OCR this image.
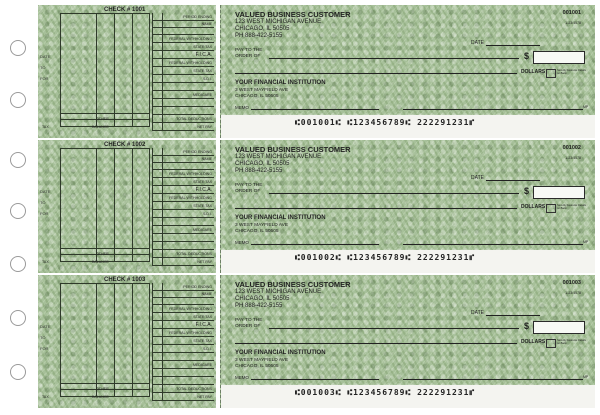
CHECK # 1001
DATE
TO
FOR
TAX
OTHER
BALANCE
PERIOD ENDING
NAME
FEDERAL WITHHOLDING
STATE TAX
F.I.C.A.
FEDERAL WITHHOLDING
STATE TAX
S.D.I.
MEDICARE
TOTAL DEDUCTIONS
NET PAY
VALUED BUSINESS CUSTOMER
123 WEST MICHIGAN AVENUE
CHICAGO, IL 50505
PH 888-422-5155
001001
1-23/4578
DATE
PAY TO THE
ORDER OF	$
DOLLARS	Security Features Details on Back
YOUR FINANCIAL INSTITUTION
3 WEST MAYFIELD AVE
CHICAGO, IL 50505
MEMO	MP
⑆001001⑆ ⑆123456789⑆ 222291231⑈
CHECK # 1002
DATE
TO
FOR
TAX
OTHER
BALANCE
PERIOD ENDING
NAME
FEDERAL WITHHOLDING
STATE TAX
F.I.C.A.
FEDERAL WITHHOLDING
STATE TAX
S.D.I.
MEDICARE
TOTAL DEDUCTIONS
NET PAY
VALUED BUSINESS CUSTOMER
123 WEST MICHIGAN AVENUE
CHICAGO, IL 50505
PH 888-422-5155
001002
1-23/4578
DATE
PAY TO THE
ORDER OF	$
DOLLARS	Security Features Details on Back
YOUR FINANCIAL INSTITUTION
3 WEST MAYFIELD AVE
CHICAGO, IL 50505
MEMO	MP
⑆001002⑆ ⑆123456789⑆ 222291231⑈
CHECK # 1003
DATE
TO
FOR
TAX
OTHER
BALANCE
PERIOD ENDING
NAME
FEDERAL WITHHOLDING
STATE TAX
F.I.C.A.
FEDERAL WITHHOLDING
STATE TAX
S.D.I.
MEDICARE
TOTAL DEDUCTIONS
NET PAY
VALUED BUSINESS CUSTOMER
123 WEST MICHIGAN AVENUE
CHICAGO, IL 50505
PH 888-422-5155
001003
1-23/4578
DATE
PAY TO THE
ORDER OF	$
DOLLARS	Security Features Details on Back
YOUR FINANCIAL INSTITUTION
3 WEST MAYFIELD AVE
CHICAGO, IL 50505
MEMO	MP
⑆001003⑆ ⑆123456789⑆ 222291231⑈
